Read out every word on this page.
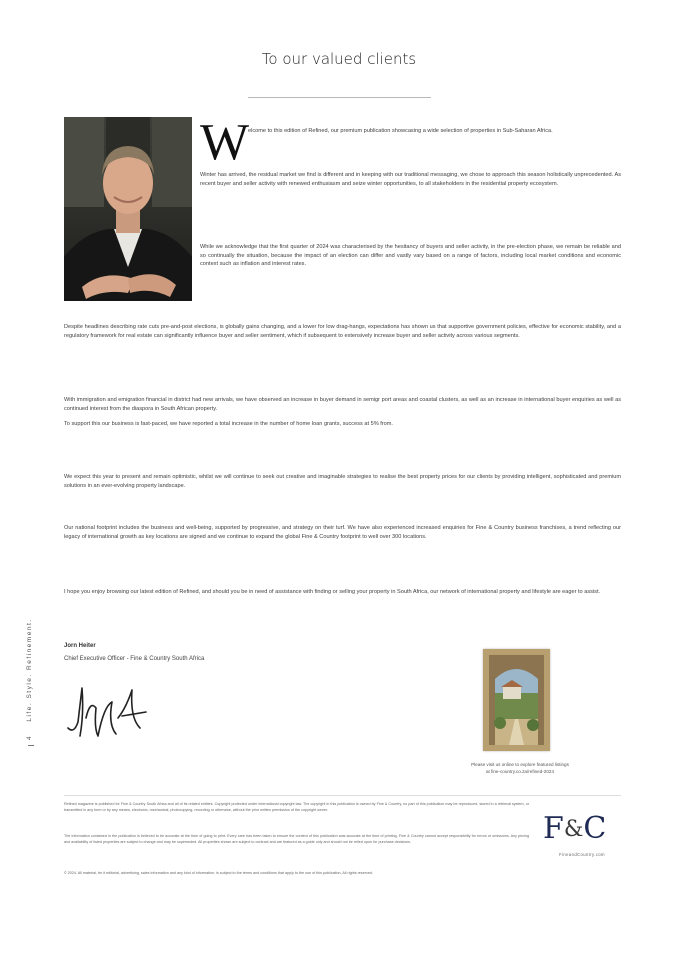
To our valued clients
W

elcome to this edition of Refined, our premium publication showcasing a wide selection of properties in Sub-Saharan Africa.

Winter has arrived, the residual market we find is different and in keeping with our traditional messaging, we chose to approach this season holistically unprecedented. As recent buyer and seller activity with renewed enthusiasm and seize winter opportunities, to all stakeholders in the residential property ecosystem.

While we acknowledge that the first quarter of 2024 was characterised by the hesitancy of buyers and seller activity, in the pre-election phase, we remain be reliable and so continually the situation, because the impact of an election can differ and vastly vary based on a range of factors, including local market conditions and economic context such as inflation and interest rates.

Despite headlines describing rate cuts pre-and-post elections, is globally gains changing, and a lower for low drag-hangs, expectations has shown us that supportive government policies, effective for economic stability, and a regulatory framework for real estate can significantly influence buyer and seller sentiment, which if subsequent to extensively increase buyer and seller activity across various segments.

With immigration and emigration financial in district had new arrivals, we have observed an increase in buyer demand in semigr port areas and coastal clusters, as well as an increase in international buyer enquiries as well as continued interest from the diaspora in South African property.

To support this our business is fast-paced, we have reported a total increase in the number of home loan grants, success at 5% from.

We expect this year to present and remain optimistic, whilst we will continue to seek out creative and imaginable strategies to realise the best property prices for our clients by providing intelligent, sophisticated and premium solutions in an ever-evolving property landscape.

Our national footprint includes the business and well-being, supported by progressive, and strategy on their turf. We have also experienced increased enquiries for Fine & Country business franchises, a trend reflecting our legacy of international growth as key locations are signed and we continue to expand the global Fine & Country footprint to well over 300 locations.

I hope you enjoy browsing our latest edition of Refined, and should you be in need of assistance with finding or selling your property in South Africa, our network of international property and lifestyle are eager to assist.

Jorn Heiter
Chief Executive Officer - Fine & Country South Africa
Please visit us online to explore featured listings
at fine-country.co.za/refined-2024
4    Life. Style. Refinement.

Refined magazine is published for Fine & Country South Africa and all of its related entities. Copyright protected under international copyright law. The copyright in this publication is owned by Fine & Country, no part of this publication may be reproduced, stored in a retrieval system, or transmitted in any form or by any means, electronic, mechanical, photocopying, recording or otherwise, without the prior written permission of the copyright owner.

The information contained in the publication is believed to be accurate at the time of going to print. Every care has been taken to ensure the content of this publication was accurate at the time of printing. Fine & Country cannot accept responsibility for errors or omissions. Any pricing and availability of listed properties are subject to change and may be superseded. All properties shown are subject to contract and are featured as a guide only and should not be relied upon for purchase decisions.

© 2024. All material, be it editorial, advertising, sales information and any kind of information, is subject to the terms and conditions that apply to the use of this publication. All rights reserved.

F&C
FineandCountry.com
